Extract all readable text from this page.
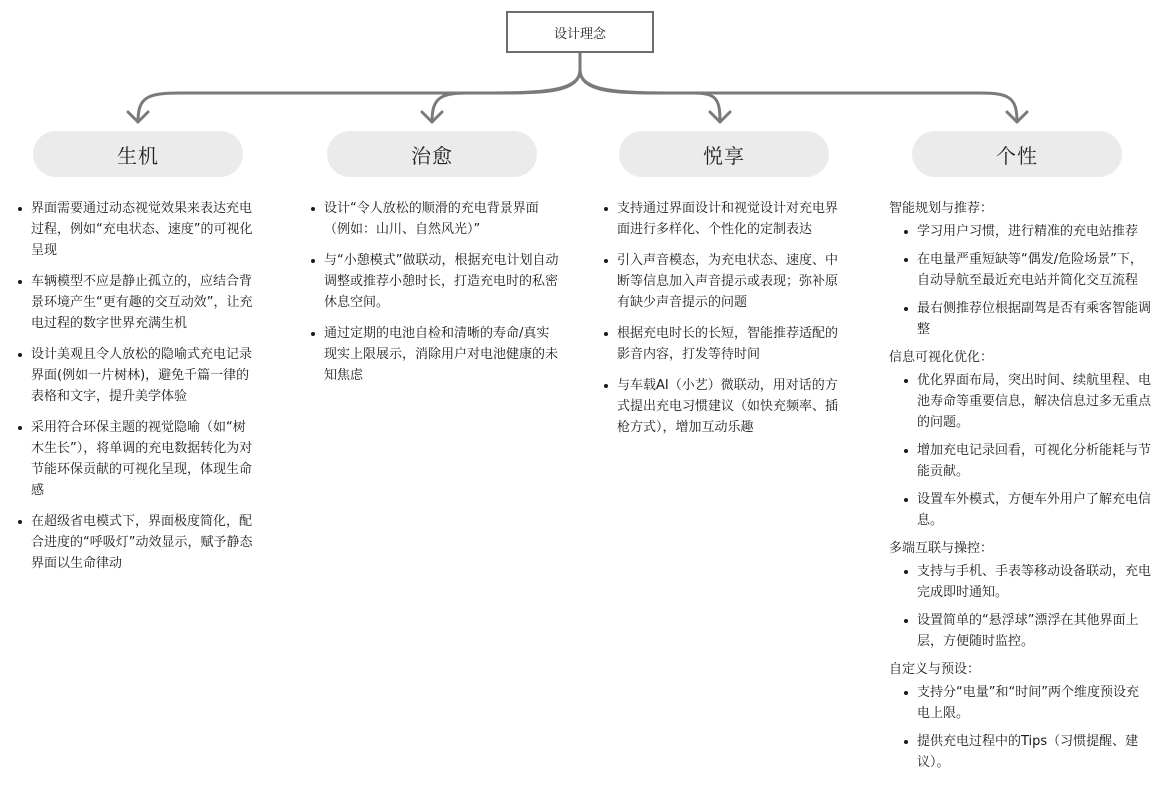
设计理念
生机	治愈	悦享	个性
界面需要通过动态视觉效果来表达充电过程，例如“充电状态、速度”的可视化呈现
车辆模型不应是静止孤立的，应结合背景环境产生“更有趣的交互动效”，让充电过程的数字世界充满生机
设计美观且令人放松的隐喻式充电记录界面(例如一片树林)，避免千篇一律的表格和文字，提升美学体验
采用符合环保主题的视觉隐喻（如“树木生长”），将单调的充电数据转化为对节能环保贡献的可视化呈现，体现生命感
在超级省电模式下，界面极度简化，配合进度的“呼吸灯”动效显示，赋予静态界面以生命律动
设计“令人放松的顺滑的充电背景界面（例如：山川、自然风光）”
与“小憩模式”做联动，根据充电计划自动调整或推荐小憩时长，打造充电时的私密休息空间。
通过定期的电池自检和清晰的寿命/真实现实上限展示，消除用户对电池健康的未知焦虑
支持通过界面设计和视觉设计对充电界面进行多样化、个性化的定制表达
引入声音模态，为充电状态、速度、中断等信息加入声音提示或表现；弥补原有缺少声音提示的问题
根据充电时长的长短，智能推荐适配的影音内容，打发等待时间
与车载AI（小艺）微联动，用对话的方式提出充电习惯建议（如快充频率、插枪方式），增加互动乐趣
智能规划与推荐：
学习用户习惯，进行精准的充电站推荐
在电量严重短缺等“偶发/危险场景”下，自动导航至最近充电站并简化交互流程
最右侧推荐位根据副驾是否有乘客智能调整
信息可视化优化：
优化界面布局，突出时间、续航里程、电池寿命等重要信息，解决信息过多无重点的问题。
增加充电记录回看，可视化分析能耗与节能贡献。
设置车外模式，方便车外用户了解充电信息。
多端互联与操控：
支持与手机、手表等移动设备联动，充电完成即时通知。
设置简单的“悬浮球”漂浮在其他界面上层，方便随时监控。
自定义与预设：
支持分“电量”和“时间”两个维度预设充电上限。
提供充电过程中的Tips（习惯提醒、建议）。
